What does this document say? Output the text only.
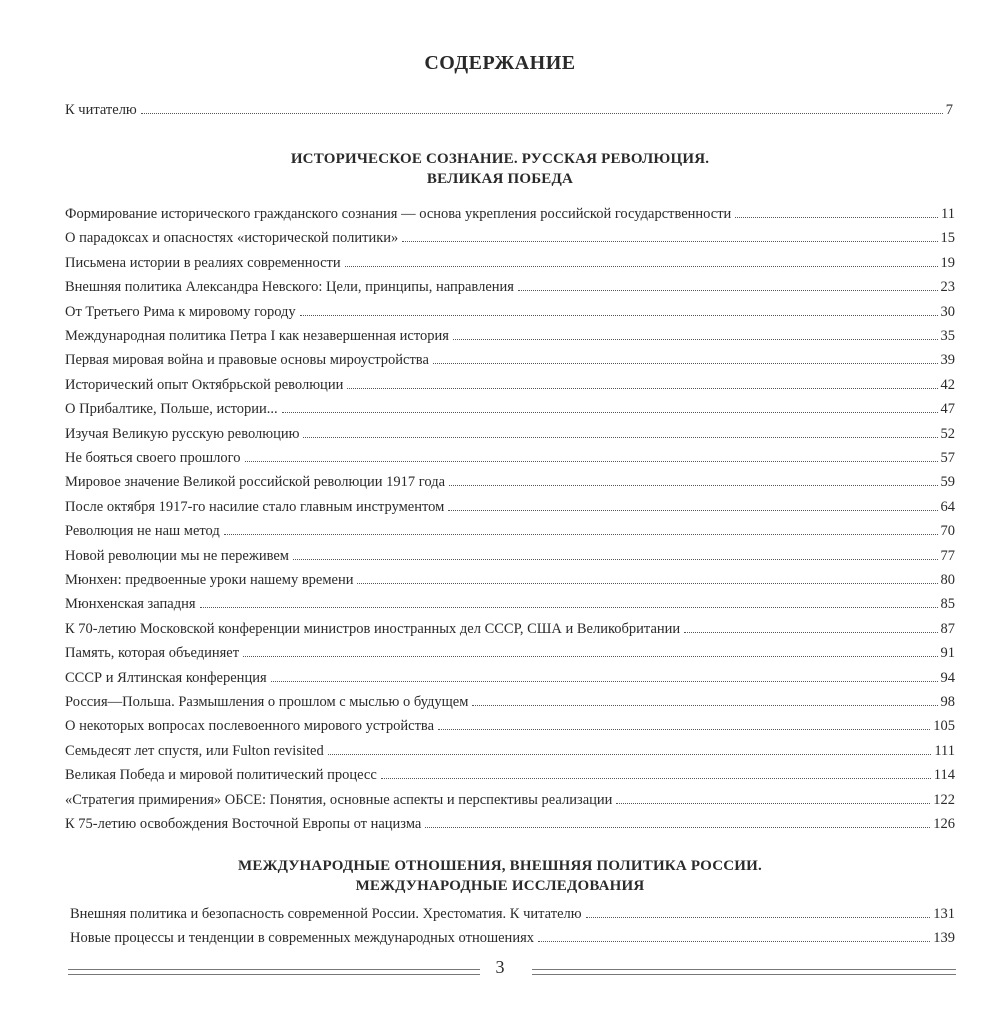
СОДЕРЖАНИЕ
К читателю	7
ИСТОРИЧЕСКОЕ СОЗНАНИЕ. РУССКАЯ РЕВОЛЮЦИЯ.
ВЕЛИКАЯ ПОБЕДА
Формирование исторического гражданского сознания — основа укрепления российской государственности	11
О парадоксах и опасностях «исторической политики»	15
Письмена истории в реалиях современности	19
Внешняя политика Александра Невского: Цели, принципы, направления	23
От Третьего Рима к мировому городу	30
Международная политика Петра I как незавершенная история	35
Первая мировая война и правовые основы мироустройства	39
Исторический опыт Октябрьской революции	42
О Прибалтике, Польше, истории...	47
Изучая Великую русскую революцию	52
Не бояться своего прошлого	57
Мировое значение Великой российской революции 1917 года	59
После октября 1917-го насилие стало главным инструментом	64
Революция не наш метод	70
Новой революции мы не переживем	77
Мюнхен: предвоенные уроки нашему времени	80
Мюнхенская западня	85
К 70-летию Московской конференции министров иностранных дел СССР, США и Великобритании	87
Память, которая объединяет	91
СССР и Ялтинская конференция	94
Россия—Польша. Размышления о прошлом с мыслью о будущем	98
О некоторых вопросах послевоенного мирового устройства	105
Семьдесят лет спустя, или Fulton revisited	111
Великая Победа и мировой политический процесс	114
«Стратегия примирения» ОБСЕ: Понятия, основные аспекты и перспективы реализации	122
К 75-летию освобождения Восточной Европы от нацизма	126
МЕЖДУНАРОДНЫЕ ОТНОШЕНИЯ, ВНЕШНЯЯ ПОЛИТИКА РОССИИ.
МЕЖДУНАРОДНЫЕ ИССЛЕДОВАНИЯ
Внешняя политика и безопасность современной России. Хрестоматия. К читателю	131
Новые процессы и тенденции в современных международных отношениях	139
3
